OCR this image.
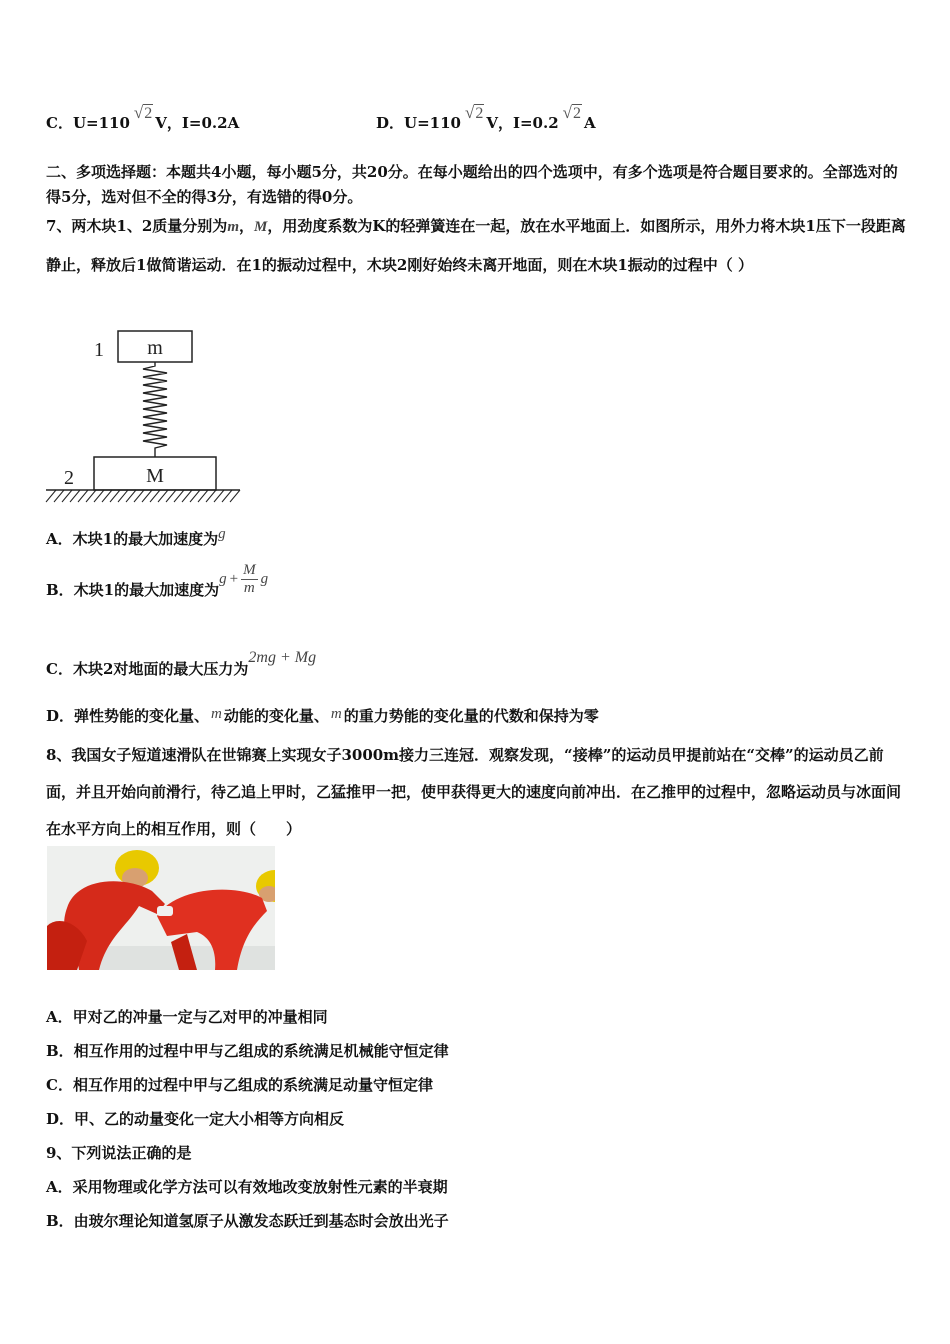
C．U=110√2V，I=0.2A	D．U=110√2V，I=0.2√2A
二、多项选择题：本题共4小题，每小题5分，共20分。在每小题给出的四个选项中，有多个选项是符合题目要求的。全部选对的得5分，选对但不全的得3分，有选错的得0分。
7、两木块1、2质量分别为m，M，用劲度系数为K的轻弹簧连在一起，放在水平地面上．如图所示，用外力将木块1压下一段距离静止，释放后1做简谐运动．在1的振动过程中，木块2刚好始终未离开地面，则在木块1振动的过程中（ ）
1 m
2	M
A．木块1的最大加速度为g
B．木块1的最大加速度为$g + \frac{M}{m}$ g
C．木块2对地面的最大压力为2mg + Mg
D．弹性势能的变化量、 m 动能的变化量、 m 的重力势能的变化量的代数和保持为零
8、我国女子短道速滑队在世锦赛上实现女子3000m接力三连冠．观察发现，“接棒”的运动员甲提前站在“交棒”的运动员乙前面，并且开始向前滑行，待乙追上甲时，乙猛推甲一把，使甲获得更大的速度向前冲出．在乙推甲的过程中，忽略运动员与冰面间在水平方向上的相互作用，则（　　）
A．甲对乙的冲量一定与乙对甲的冲量相同
B．相互作用的过程中甲与乙组成的系统满足机械能守恒定律
C．相互作用的过程中甲与乙组成的系统满足动量守恒定律
D．甲、乙的动量变化一定大小相等方向相反
9、下列说法正确的是
A．采用物理或化学方法可以有效地改变放射性元素的半衰期
B．由玻尔理论知道氢原子从激发态跃迁到基态时会放出光子
